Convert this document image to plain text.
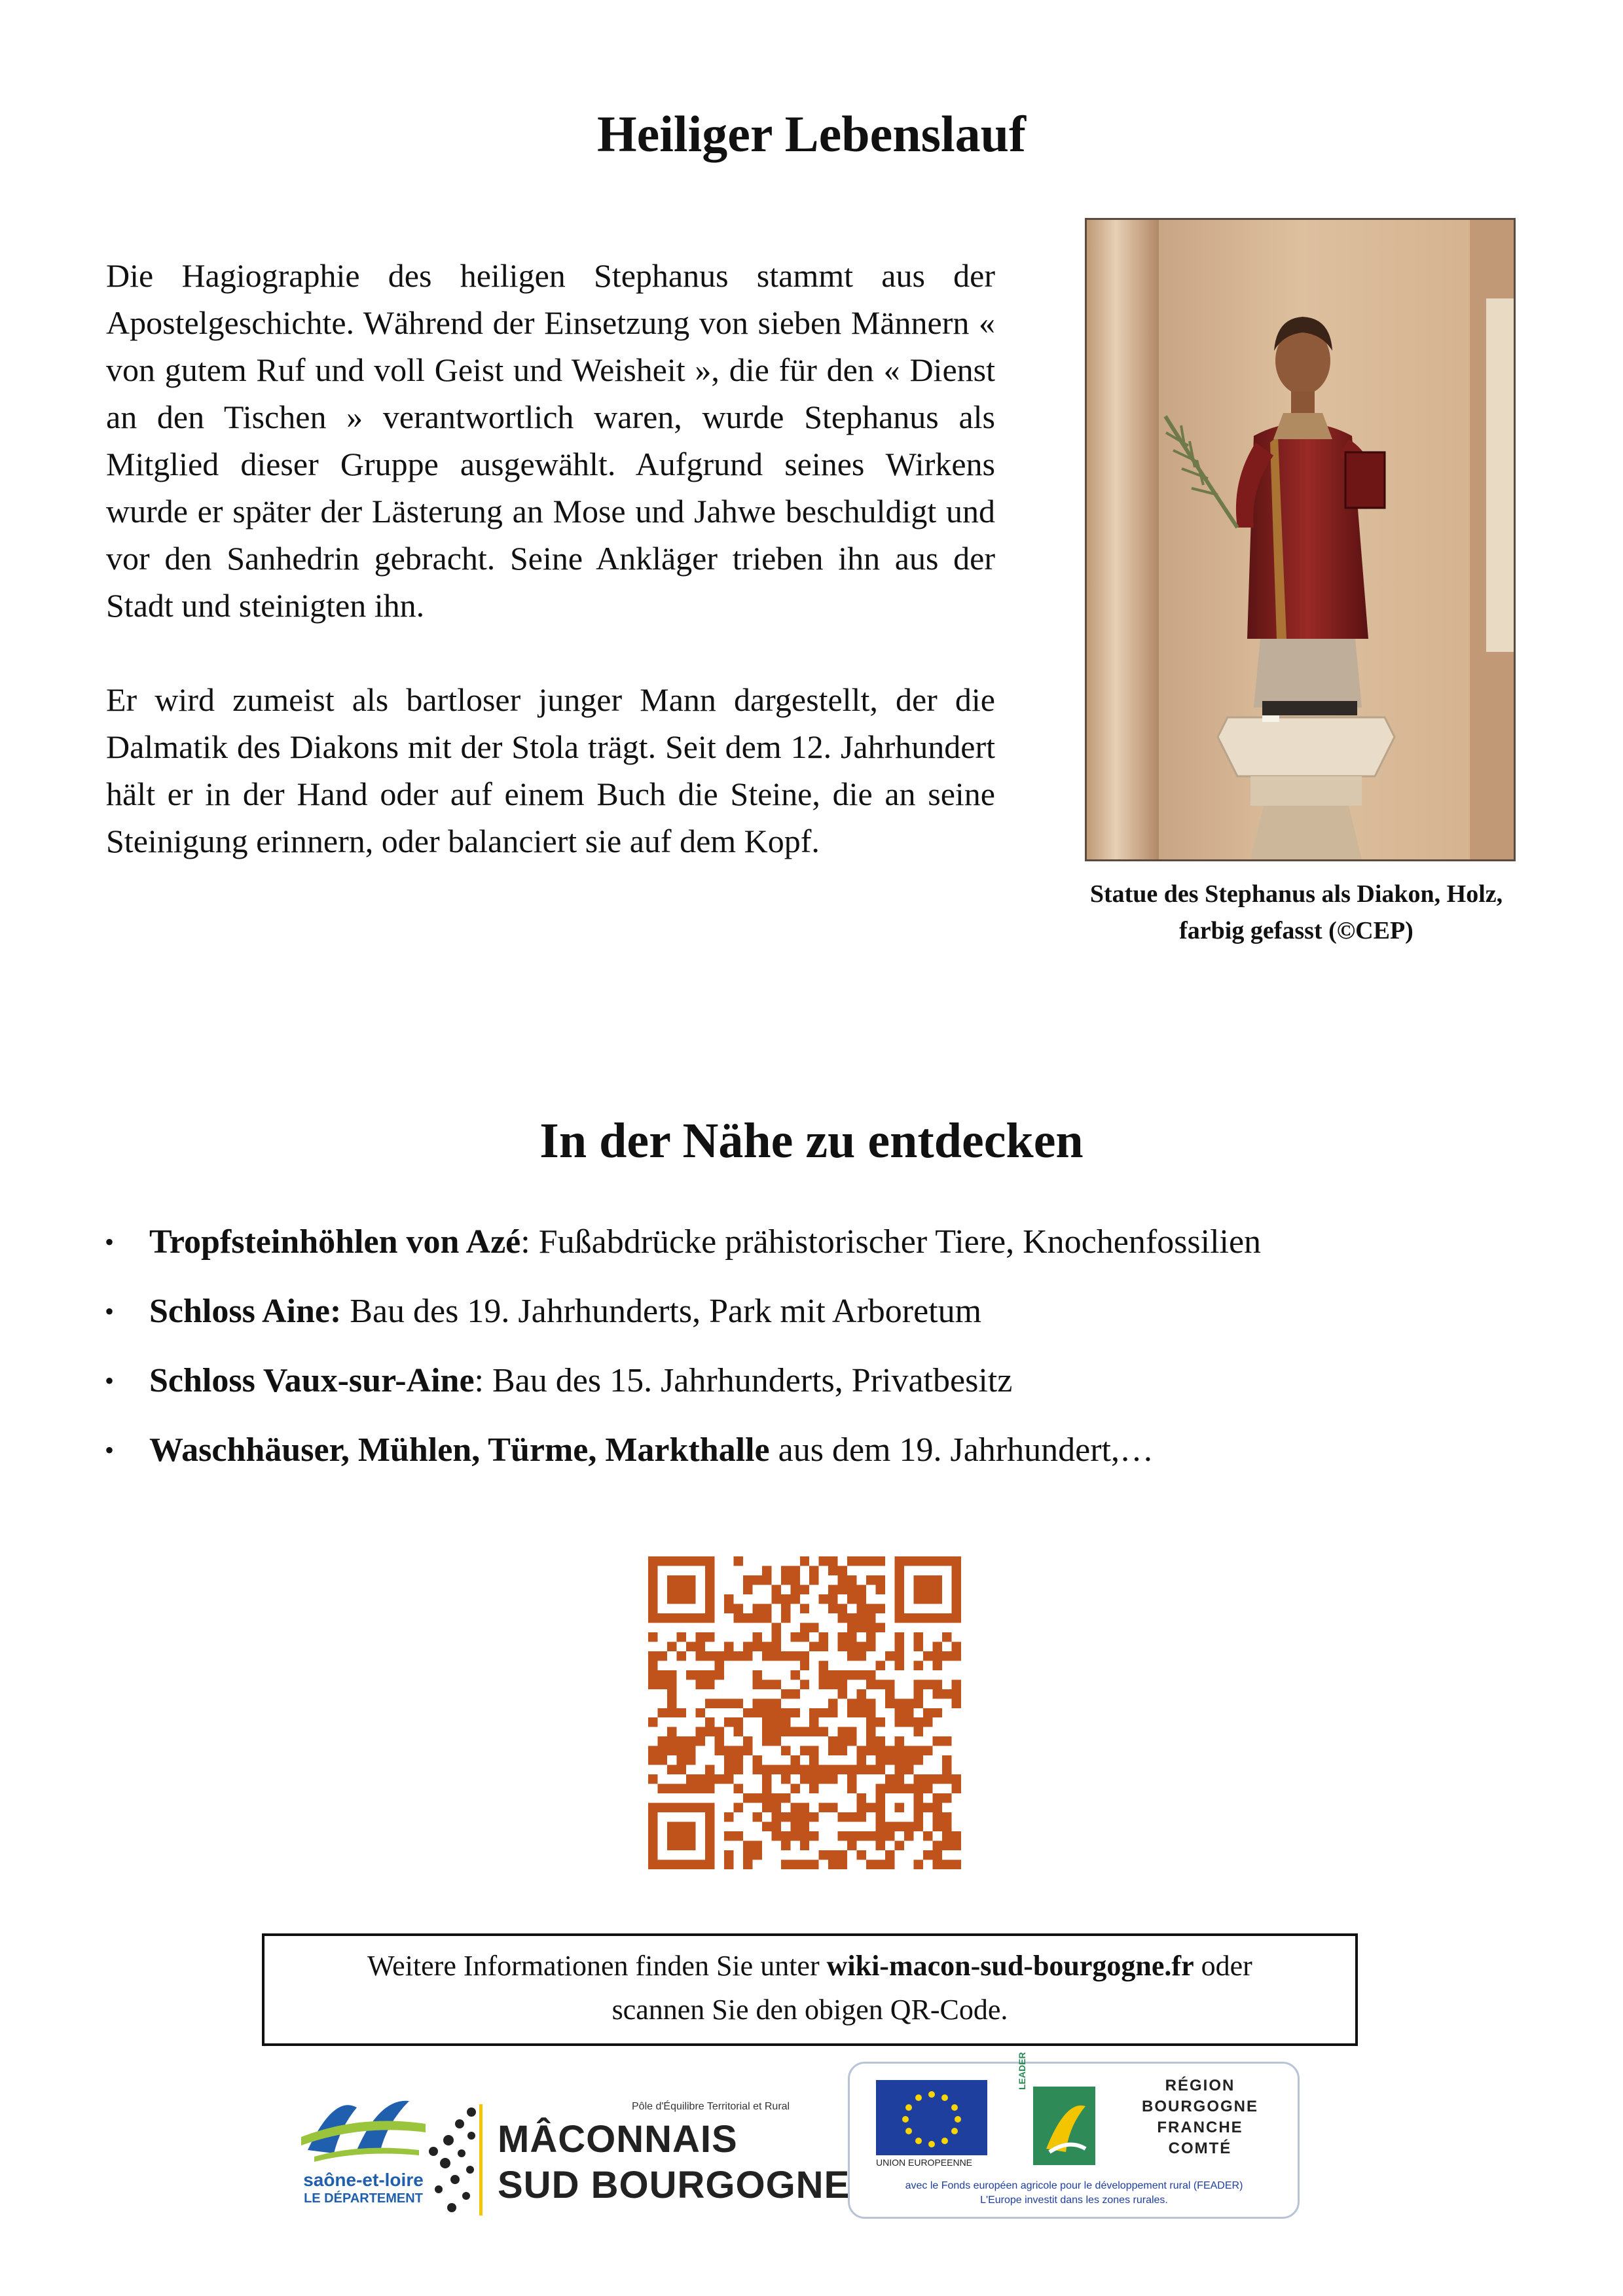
Heiliger Lebenslauf

Die Hagiographie des heiligen Stephanus stammt aus der Apostelgeschichte. Während der Einsetzung von sieben Männern « von gutem Ruf und voll Geist und Weisheit », die für den « Dienst an den Tischen » verantwortlich waren, wurde Stephanus als Mitglied dieser Gruppe ausgewählt. Aufgrund seines Wirkens wurde er später der Lästerung an Mose und Jahwe beschuldigt und vor den Sanhedrin gebracht. Seine Ankläger trieben ihn aus der Stadt und steinigten ihn.

Er wird zumeist als bartloser junger Mann dargestellt, der die Dalmatik des Diakons mit der Stola trägt. Seit dem 12. Jahrhundert hält er in der Hand oder auf einem Buch die Steine, die an seine Steinigung erinnern, oder balanciert sie auf dem Kopf.

Statue des Stephanus als Diakon, Holz,
farbig gefasst (©CEP)
In der Nähe zu entdecken
•	Tropfsteinhöhlen von Azé: Fußabdrücke prähistorischer Tiere, Knochenfossilien
•	Schloss Aine: Bau des 19. Jahrhunderts, Park mit Arboretum
•	Schloss Vaux-sur-Aine: Bau des 15. Jahrhunderts, Privatbesitz
•	Waschhäuser, Mühlen, Türme, Markthalle aus dem 19. Jahrhundert,…
Weitere Informationen finden Sie unter wiki-macon-sud-bourgogne.fr oder
scannen Sie den obigen QR-Code.
saône-et-loire
LE DÉPARTEMENT
Pôle d'Équilibre Territorial et Rural
MÂCONNAIS
SUD BOURGOGNE
UNION EUROPEENNE
LEADER	RÉGION
BOURGOGNE
FRANCHE
COMTÉ
avec le Fonds européen agricole pour le développement rural (FEADER)
L'Europe investit dans les zones rurales.
